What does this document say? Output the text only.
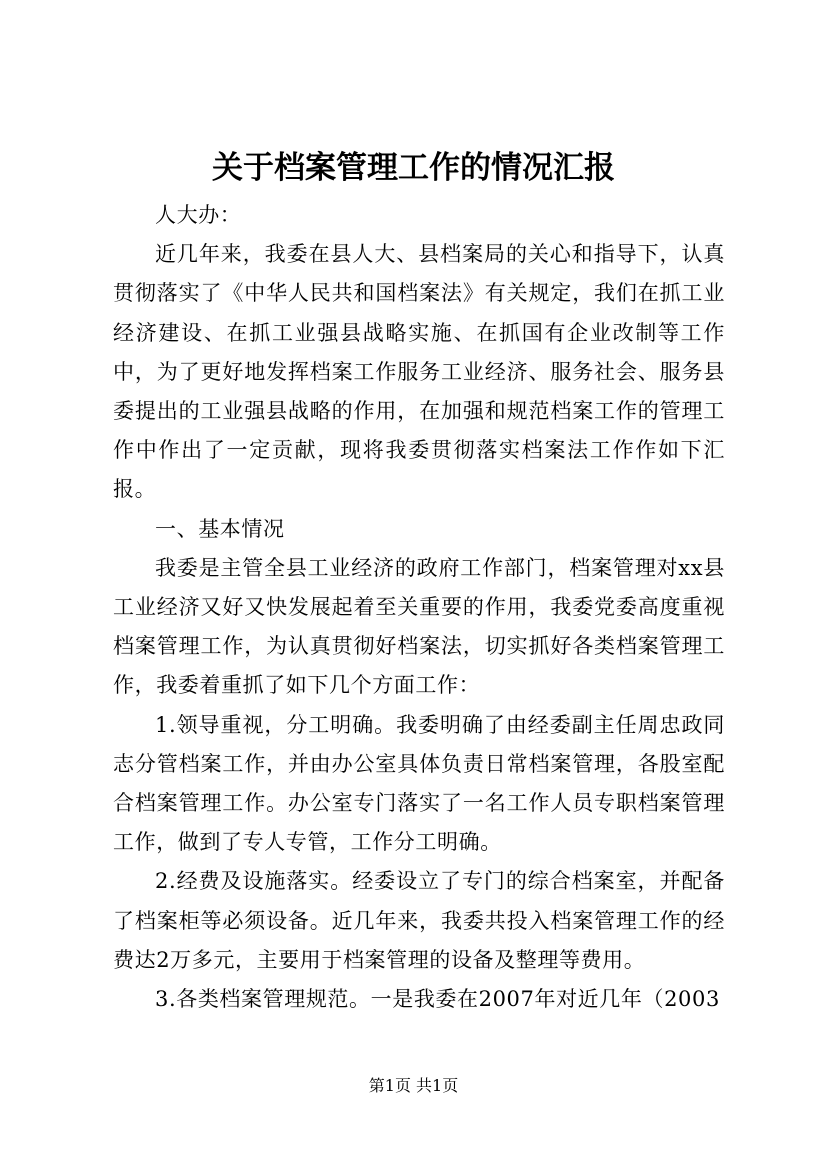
关于档案管理工作的情况汇报

人大办：

近几年来，我委在县人大、县档案局的关心和指导下，认真贯彻落实了《中华人民共和国档案法》有关规定，我们在抓工业经济建设、在抓工业强县战略实施、在抓国有企业改制等工作中，为了更好地发挥档案工作服务工业经济、服务社会、服务县委提出的工业强县战略的作用，在加强和规范档案工作的管理工作中作出了一定贡献，现将我委贯彻落实档案法工作作如下汇报。

一、基本情况

我委是主管全县工业经济的政府工作部门，档案管理对xx县工业经济又好又快发展起着至关重要的作用，我委党委高度重视档案管理工作，为认真贯彻好档案法，切实抓好各类档案管理工作，我委着重抓了如下几个方面工作：

1.领导重视，分工明确。我委明确了由经委副主任周忠政同志分管档案工作，并由办公室具体负责日常档案管理，各股室配合档案管理工作。办公室专门落实了一名工作人员专职档案管理工作，做到了专人专管，工作分工明确。

2.经费及设施落实。经委设立了专门的综合档案室，并配备了档案柜等必须设备。近几年来，我委共投入档案管理工作的经费达2万多元，主要用于档案管理的设备及整理等费用。

3.各类档案管理规范。一是我委在2007年对近几年（2003

第1页 共1页
